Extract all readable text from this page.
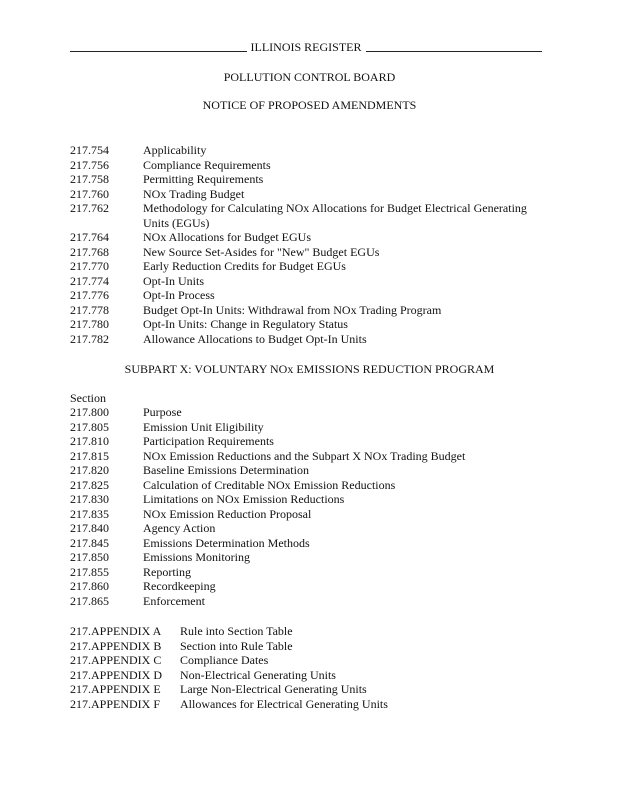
ILLINOIS REGISTER
POLLUTION CONTROL BOARD
NOTICE OF PROPOSED AMENDMENTS
217.754	Applicability
217.756	Compliance Requirements
217.758	Permitting Requirements
217.760	NOx Trading Budget
217.762	Methodology for Calculating NOx Allocations for Budget Electrical Generating Units (EGUs)
217.764	NOx Allocations for Budget EGUs
217.768	New Source Set-Asides for "New" Budget EGUs
217.770	Early Reduction Credits for Budget EGUs
217.774	Opt-In Units
217.776	Opt-In Process
217.778	Budget Opt-In Units: Withdrawal from NOx Trading Program
217.780	Opt-In Units: Change in Regulatory Status
217.782	Allowance Allocations to Budget Opt-In Units
SUBPART X: VOLUNTARY NOx EMISSIONS REDUCTION PROGRAM
Section
217.800	Purpose
217.805	Emission Unit Eligibility
217.810	Participation Requirements
217.815	NOx Emission Reductions and the Subpart X NOx Trading Budget
217.820	Baseline Emissions Determination
217.825	Calculation of Creditable NOx Emission Reductions
217.830	Limitations on NOx Emission Reductions
217.835	NOx Emission Reduction Proposal
217.840	Agency Action
217.845	Emissions Determination Methods
217.850	Emissions Monitoring
217.855	Reporting
217.860	Recordkeeping
217.865	Enforcement
217.APPENDIX A Rule into Section Table
217.APPENDIX B Section into Rule Table
217.APPENDIX C Compliance Dates
217.APPENDIX D Non-Electrical Generating Units
217.APPENDIX E Large Non-Electrical Generating Units
217.APPENDIX F Allowances for Electrical Generating Units
